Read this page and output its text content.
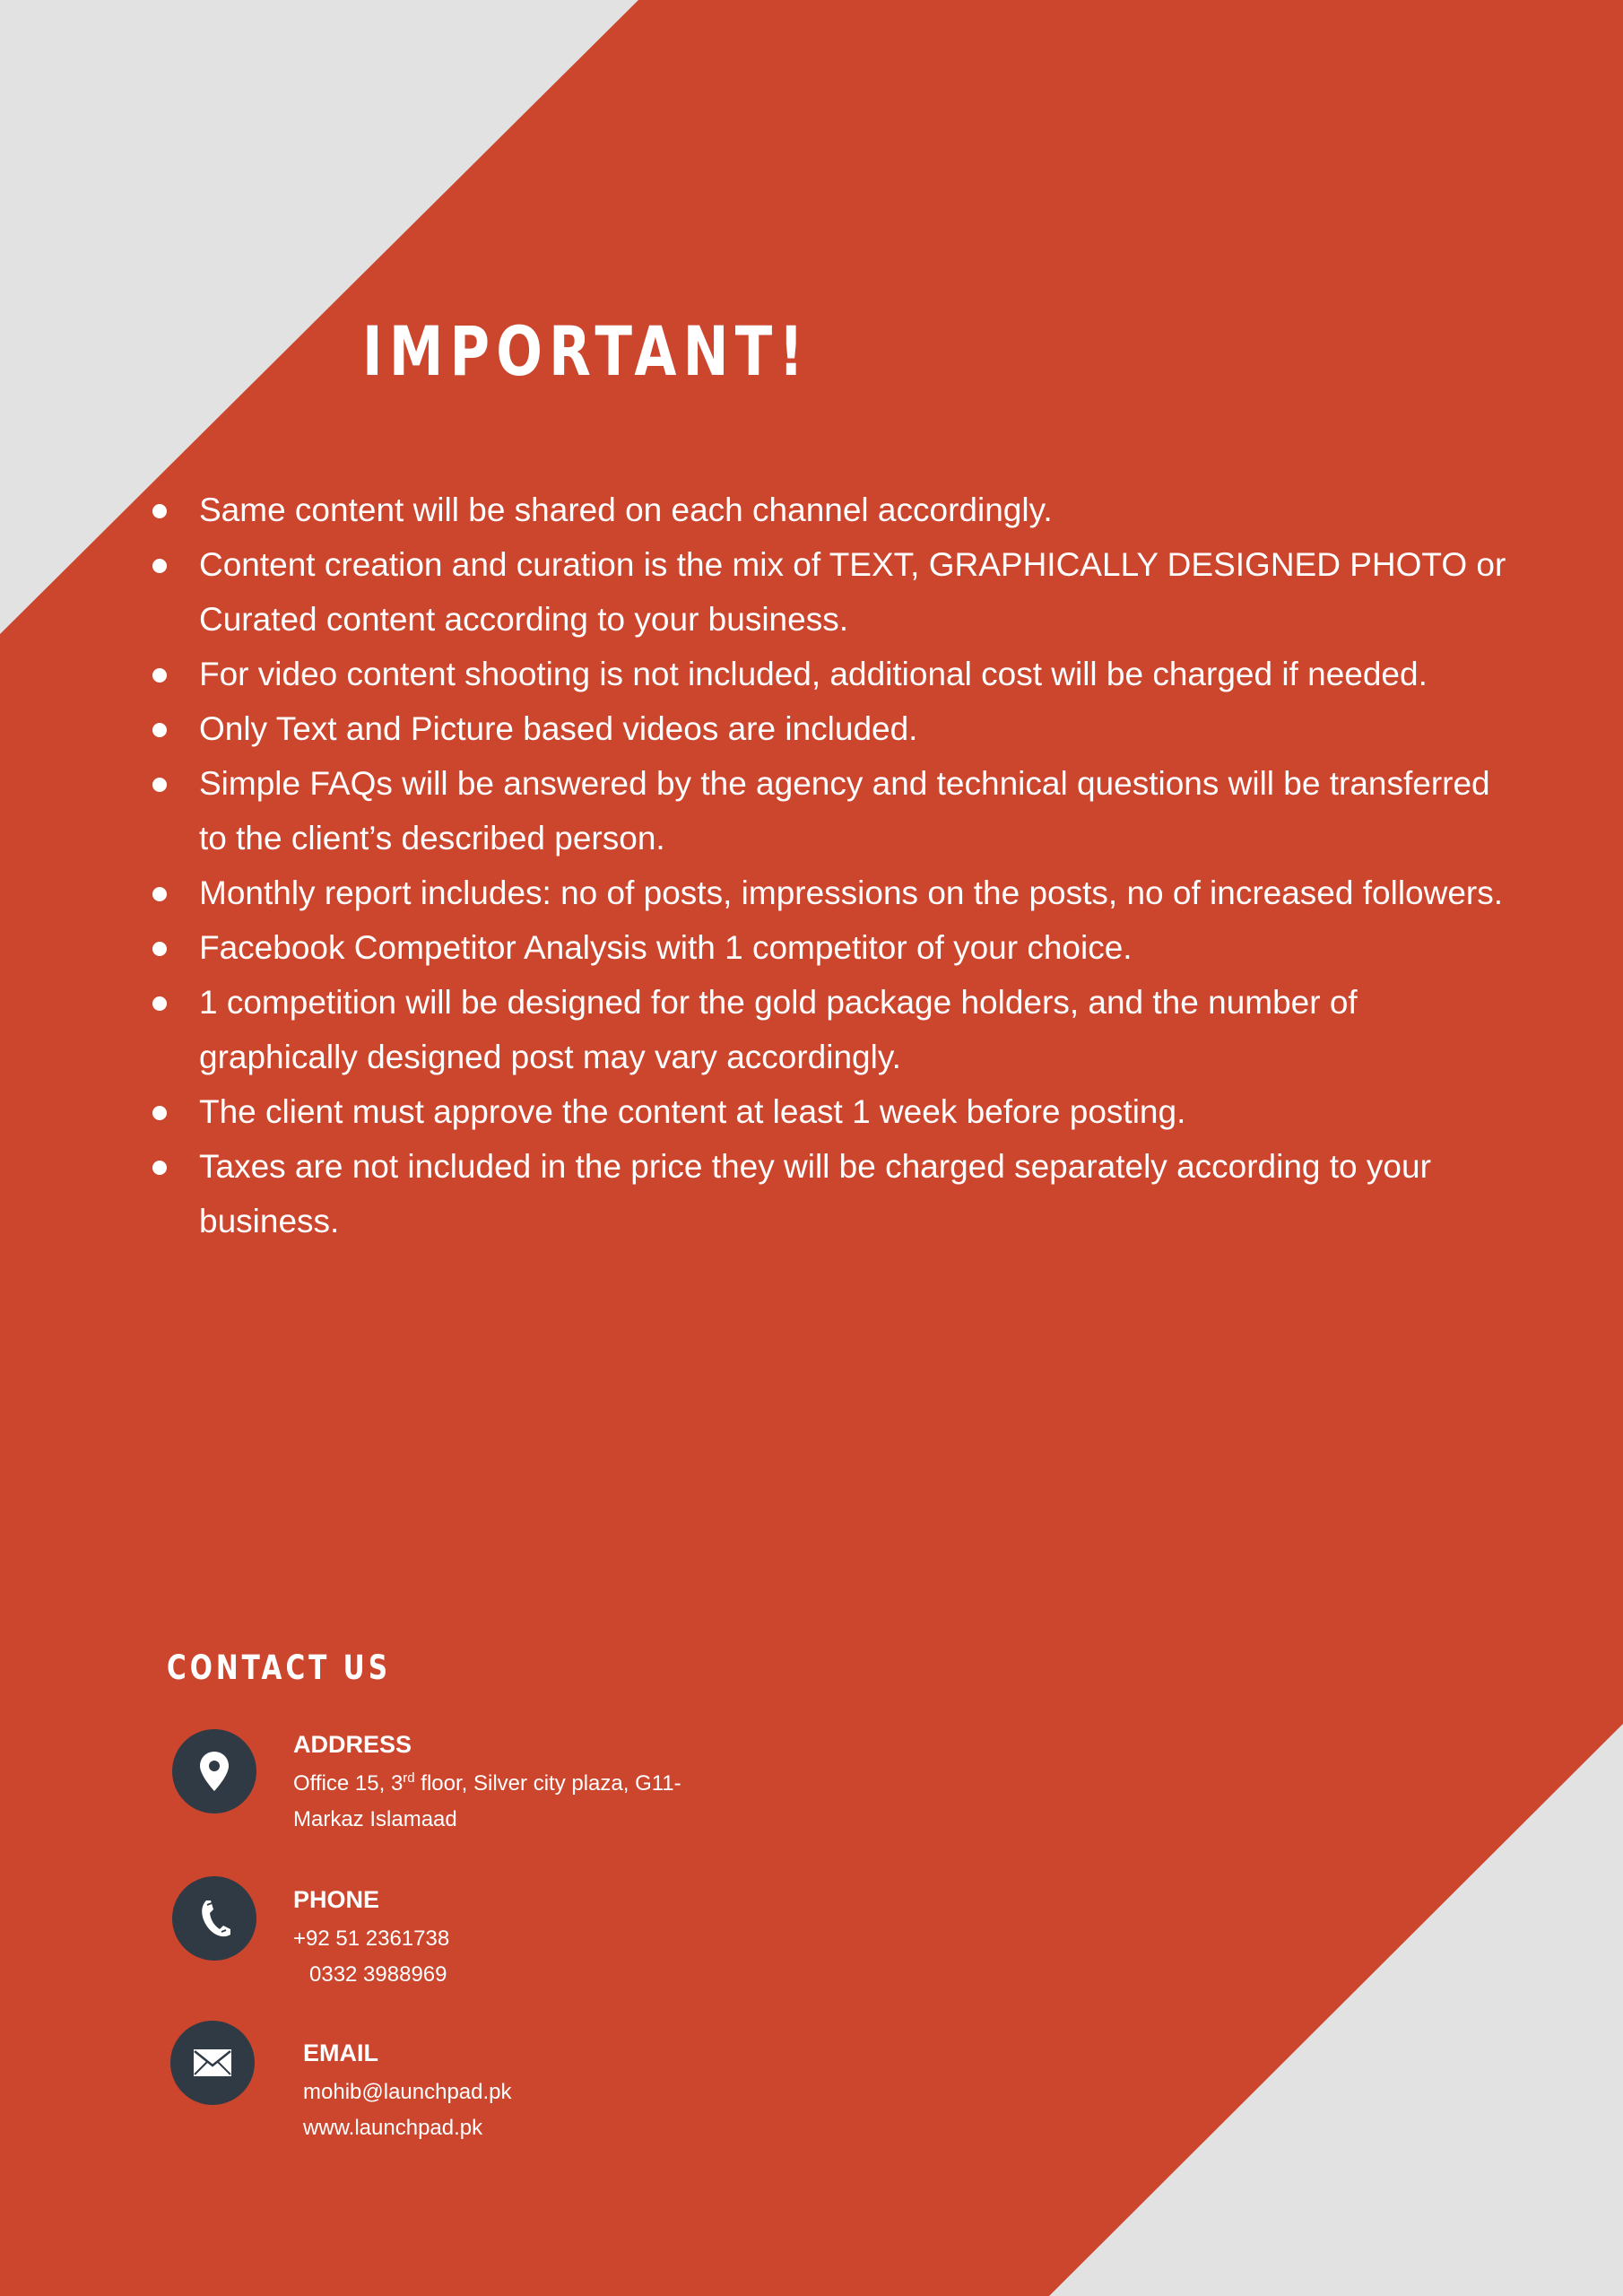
IMPORTANT!
Same content will be shared on each channel accordingly.
Content creation and curation is the mix of TEXT, GRAPHICALLY DESIGNED PHOTO or Curated content according to your business.
For video content shooting is not included, additional cost will be charged if needed.
Only Text and Picture based videos are included.
Simple FAQs will be answered by the agency and technical questions will be transferred to the client’s described person.
Monthly report includes: no of posts, impressions on the posts, no of increased followers.
Facebook Competitor Analysis with 1 competitor of your choice.
1 competition will be designed for the gold package holders, and the number of graphically designed post may vary accordingly.
The client must approve the content at least 1 week before posting.
Taxes are not included in the price they will be charged separately according to your business.
CONTACT US
ADDRESS
Office 15, 3rd floor, Silver city plaza, G11-
Markaz Islamaad
PHONE
+92 51 2361738
0332 3988969
EMAIL
mohib@launchpad.pk
www.launchpad.pk
